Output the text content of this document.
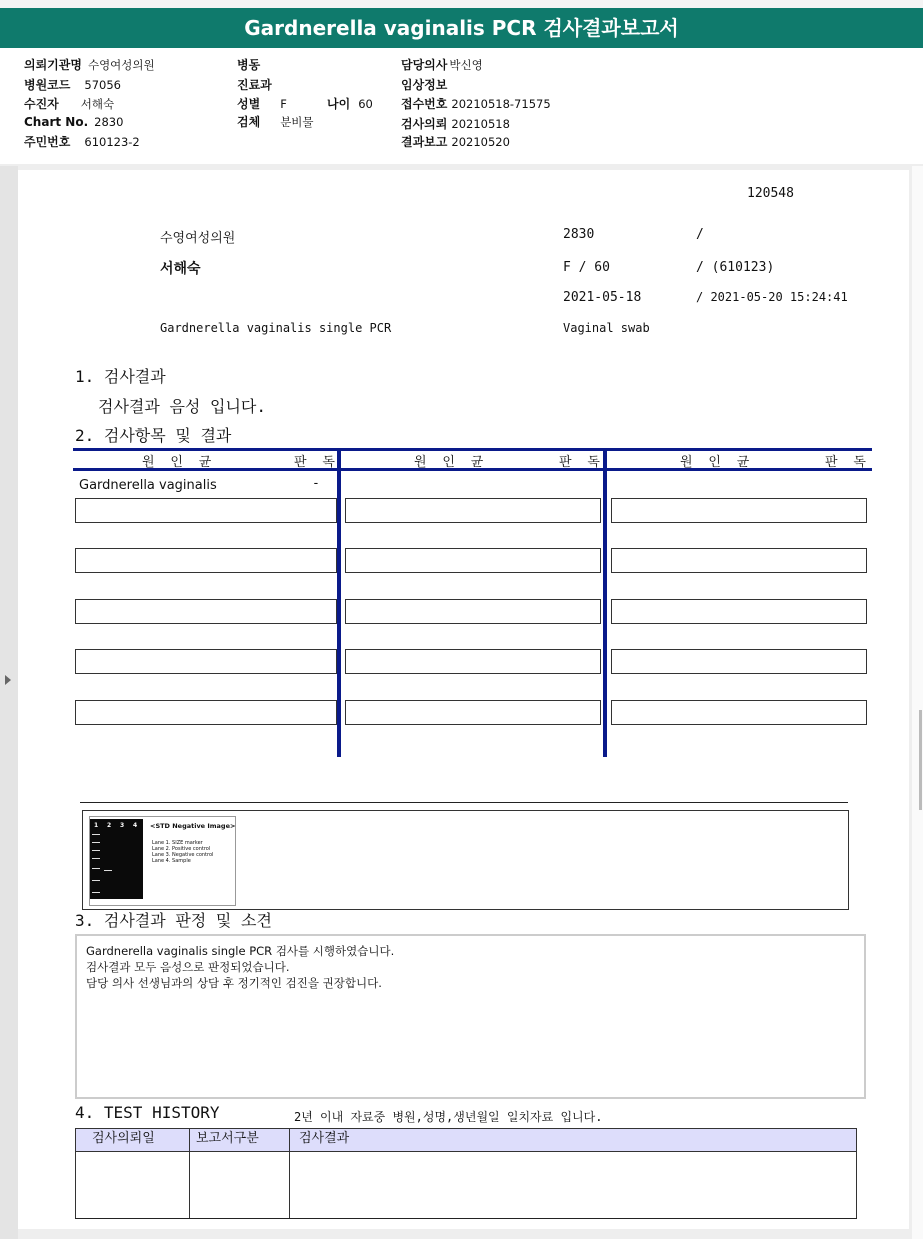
Gardnerella vaginalis PCR 검사결과보고서
의뢰기관명 수영여성의원
병원코드 57056
수진자 서해숙
Chart No. 2830
주민번호 610123-2
병동
진료과
성별 F	나이 60
검체 분비물
담당의사 박신영
임상정보
접수번호 20210518-71575
검사의뢰 20210518
결과보고 20210520
120548
수영여성의원	2830	/
서해숙	F / 60	/ (610123)
2021-05-18	/ 2021-05-20 15:24:41
Gardnerella vaginalis single PCR	Vaginal swab
1. 검사결과
검사결과 음성 입니다.
2. 검사항목 및 결과
원 인 균	판 독	원 인 균	판 독	원 인 균	판 독
Gardnerella vaginalis	-
1 2 3 4 <STD Negative Image>
Lane 1. SIZE marker
Lane 2. Positive control
Lane 3. Negative control
Lane 4. Sample
3. 검사결과 판정 및 소견
Gardnerella vaginalis single PCR 검사를 시행하였습니다.
검사결과 모두 음성으로 판정되었습니다.
담당 의사 선생님과의 상담 후 정기적인 검진을 권장합니다.
4. TEST HISTORY	2년 이내 자료중 병원,성명,생년월일 일치자료 입니다.
검사의뢰일	보고서구분	검사결과
